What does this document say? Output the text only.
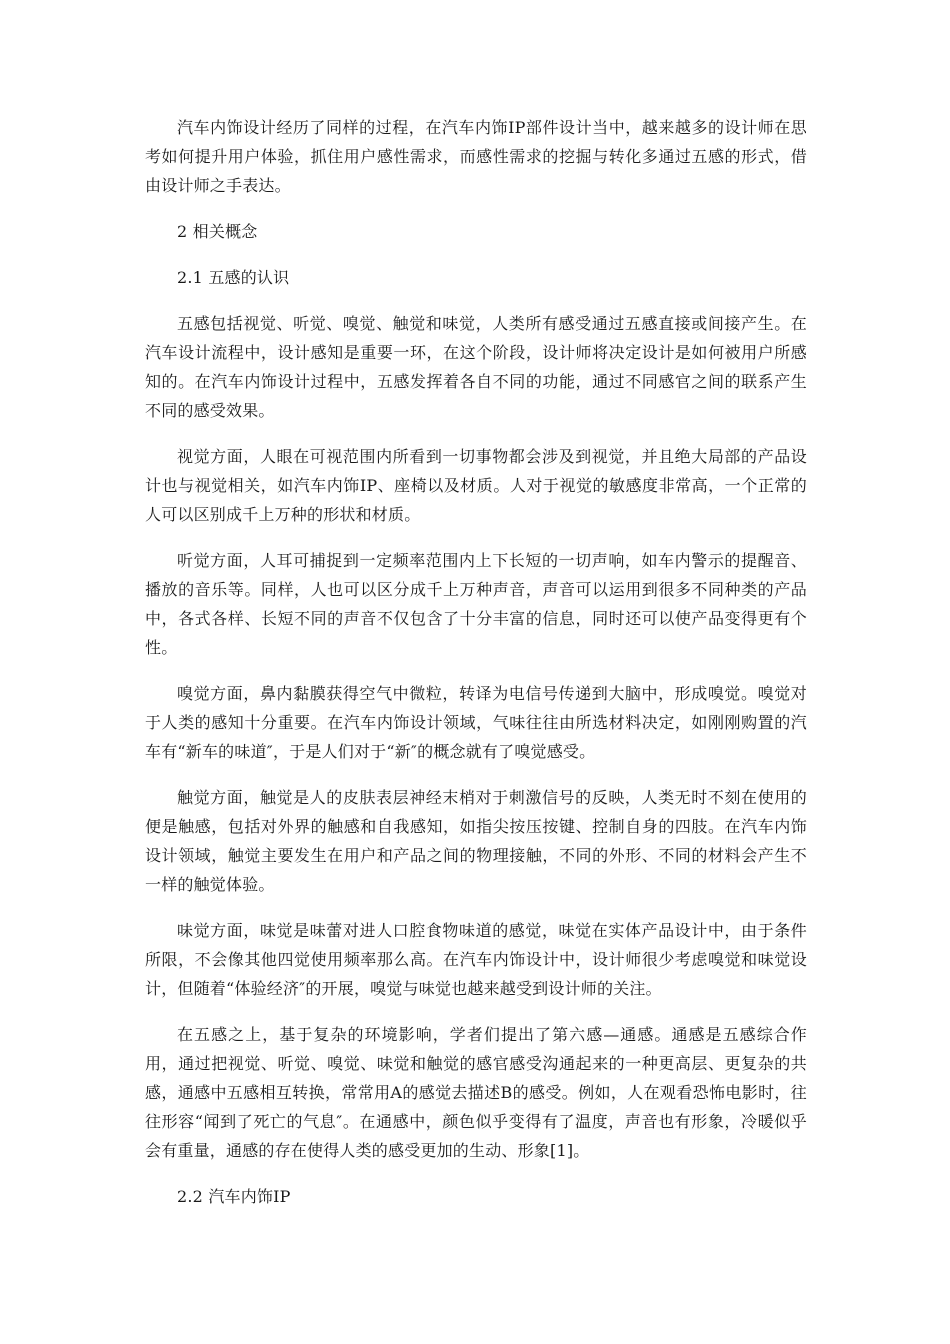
汽车内饰设计经历了同样的过程，在汽车内饰IP部件设计当中，越来越多的设计师在思考如何提升用户体验，抓住用户感性需求，而感性需求的挖掘与转化多通过五感的形式，借由设计师之手表达。

2 相关概念

2.1 五感的认识

五感包括视觉、听觉、嗅觉、触觉和味觉，人类所有感受通过五感直接或间接产生。在汽车设计流程中，设计感知是重要一环，在这个阶段，设计师将决定设计是如何被用户所感知的。在汽车内饰设计过程中，五感发挥着各自不同的功能，通过不同感官之间的联系产生不同的感受效果。

视觉方面，人眼在可视范围内所看到一切事物都会涉及到视觉，并且绝大局部的产品设计也与视觉相关，如汽车内饰IP、座椅以及材质。人对于视觉的敏感度非常高，一个正常的人可以区别成千上万种的形状和材质。

听觉方面，人耳可捕捉到一定频率范围内上下长短的一切声响，如车内警示的提醒音、播放的音乐等。同样，人也可以区分成千上万种声音，声音可以运用到很多不同种类的产品中，各式各样、长短不同的声音不仅包含了十分丰富的信息，同时还可以使产品变得更有个性。

嗅觉方面，鼻内黏膜获得空气中微粒，转译为电信号传递到大脑中，形成嗅觉。嗅觉对于人类的感知十分重要。在汽车内饰设计领域，气味往往由所选材料决定，如刚刚购置的汽车有“新车的味道″，于是人们对于“新″的概念就有了嗅觉感受。

触觉方面，触觉是人的皮肤表层神经末梢对于刺激信号的反映，人类无时不刻在使用的便是触感，包括对外界的触感和自我感知，如指尖按压按键、控制自身的四肢。在汽车内饰设计领域，触觉主要发生在用户和产品之间的物理接触，不同的外形、不同的材料会产生不一样的触觉体验。

味觉方面，味觉是味蕾对进人口腔食物味道的感觉，味觉在实体产品设计中，由于条件所限，不会像其他四觉使用频率那么高。在汽车内饰设计中，设计师很少考虑嗅觉和味觉设计，但随着“体验经济″的开展，嗅觉与味觉也越来越受到设计师的关注。

在五感之上，基于复杂的环境影响，学者们提出了第六感—通感。通感是五感综合作用，通过把视觉、听觉、嗅觉、味觉和触觉的感官感受沟通起来的一种更高层、更复杂的共感，通感中五感相互转换，常常用A的感觉去描述B的感受。例如，人在观看恐怖电影时，往往形容“闻到了死亡的气息″。在通感中，颜色似乎变得有了温度，声音也有形象，冷暖似乎会有重量，通感的存在使得人类的感受更加的生动、形象[1]。

2.2 汽车内饰IP
